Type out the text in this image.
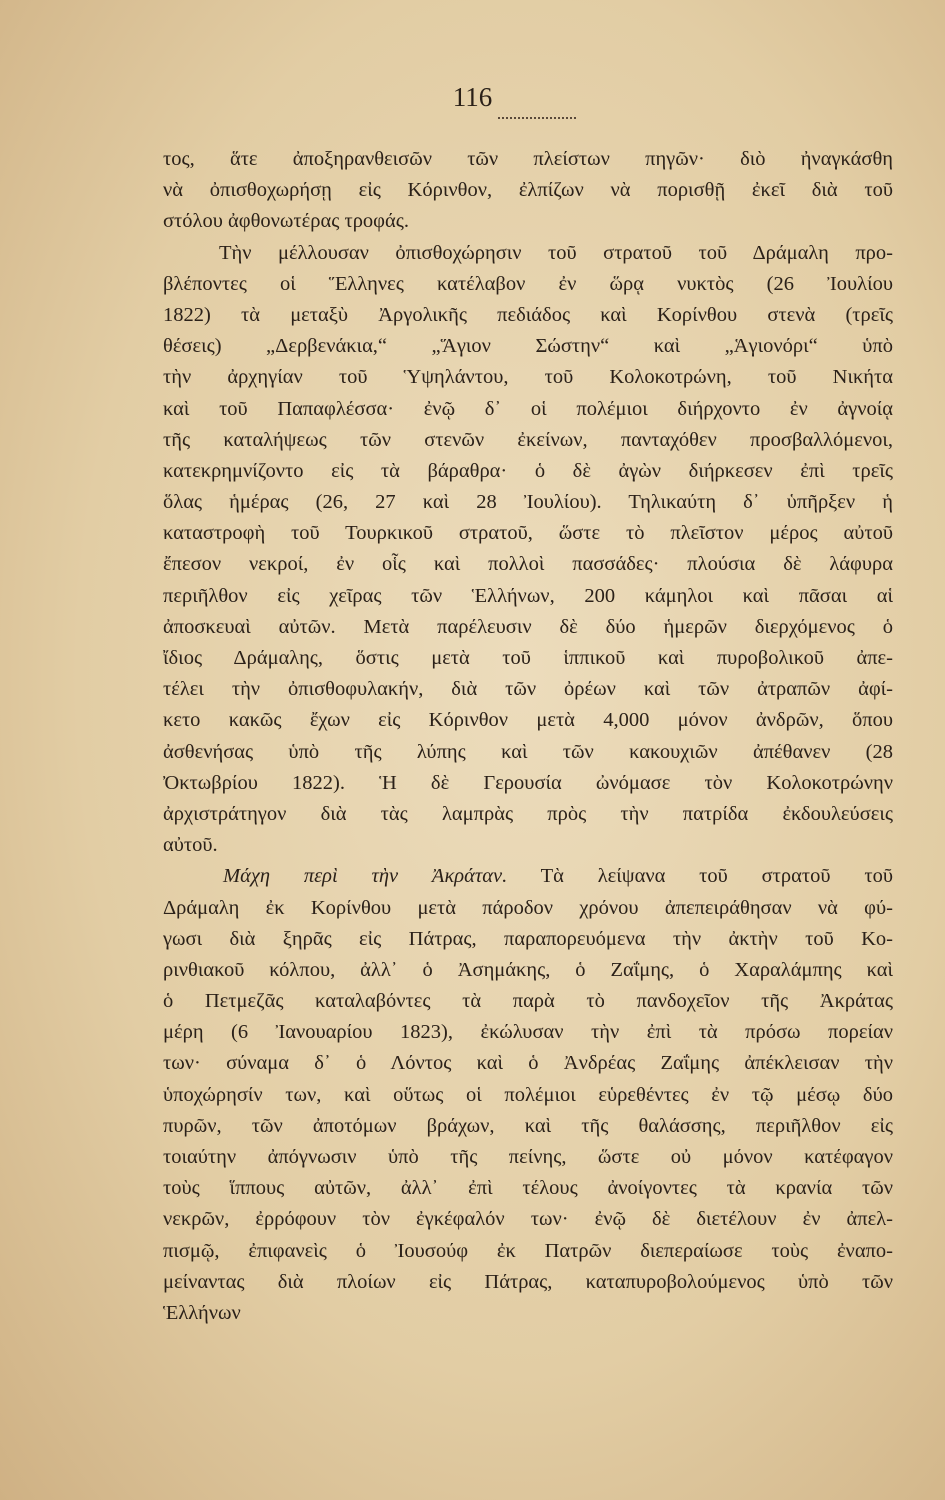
116
τος, ἅτε ἀποξηρανθεισῶν τῶν πλείστων πηγῶν· διὸ ἠναγκάσθη
νὰ ὀπισθοχωρήσῃ εἰς Κόρινθον, ἐλπίζων νὰ πορισθῇ ἐκεῖ διὰ τοῦ
στόλου ἀφθονωτέρας τροφάς.
Τὴν μέλλουσαν ὀπισθοχώρησιν τοῦ στρατοῦ τοῦ Δράμαλη προ-
βλέποντες οἱ Ἕλληνες κατέλαβον ἐν ὥρᾳ νυκτὸς (26 Ἰουλίου
1822) τὰ μεταξὺ Ἀργολικῆς πεδιάδος καὶ Κορίνθου στενὰ (τρεῖς
θέσεις) „Δερβενάκια,“ „Ἅγιον Σώστην“ καὶ „Ἁγιονόρι“ ὑπὸ
τὴν ἀρχηγίαν τοῦ Ὑψηλάντου, τοῦ Κολοκοτρώνη, τοῦ Νικήτα
καὶ τοῦ Παπαφλέσσα· ἐνῷ δ᾽ οἱ πολέμιοι διήρχοντο ἐν ἀγνοίᾳ
τῆς καταλήψεως τῶν στενῶν ἐκείνων, πανταχόθεν προσβαλλόμενοι,
κατεκρημνίζοντο εἰς τὰ βάραθρα· ὁ δὲ ἀγὼν διήρκεσεν ἐπὶ τρεῖς
ὅλας ἡμέρας (26, 27 καὶ 28 Ἰουλίου). Τηλικαύτη δ᾽ ὑπῆρξεν ἡ
καταστροφὴ τοῦ Τουρκικοῦ στρατοῦ, ὥστε τὸ πλεῖστον μέρος αὐτοῦ
ἔπεσον νεκροί, ἐν οἷς καὶ πολλοὶ πασσάδες· πλούσια δὲ λάφυρα
περιῆλθον εἰς χεῖρας τῶν Ἑλλήνων, 200 κάμηλοι καὶ πᾶσαι αἱ
ἀποσκευαὶ αὐτῶν. Μετὰ παρέλευσιν δὲ δύο ἡμερῶν διερχόμενος ὁ
ἴδιος Δράμαλης, ὅστις μετὰ τοῦ ἱππικοῦ καὶ πυροβολικοῦ ἀπε-
τέλει τὴν ὀπισθοφυλακήν, διὰ τῶν ὀρέων καὶ τῶν ἀτραπῶν ἀφί-
κετο κακῶς ἔχων εἰς Κόρινθον μετὰ 4,000 μόνον ἀνδρῶν, ὅπου
ἀσθενήσας ὑπὸ τῆς λύπης καὶ τῶν κακουχιῶν ἀπέθανεν (28
Ὀκτωβρίου 1822). Ἡ δὲ Γερουσία ὠνόμασε τὸν Κολοκοτρώνην
ἀρχιστράτηγον διὰ τὰς λαμπρὰς πρὸς τὴν πατρίδα ἐκδουλεύσεις
αὐτοῦ.
Μάχη περὶ τὴν Ἀκράταν. Τὰ λείψανα τοῦ στρατοῦ τοῦ
Δράμαλη ἐκ Κορίνθου μετὰ πάροδον χρόνου ἀπεπειράθησαν νὰ φύ-
γωσι διὰ ξηρᾶς εἰς Πάτρας, παραπορευόμενα τὴν ἀκτὴν τοῦ Κο-
ρινθιακοῦ κόλπου, ἀλλ᾽ ὁ Ἀσημάκης, ὁ Ζαΐμης, ὁ Χαραλάμπης καὶ
ὁ Πετμεζᾶς καταλαβόντες τὰ παρὰ τὸ πανδοχεῖον τῆς Ἀκράτας
μέρη (6 Ἰανουαρίου 1823), ἐκώλυσαν τὴν ἐπὶ τὰ πρόσω πορείαν
των· σύναμα δ᾽ ὁ Λόντος καὶ ὁ Ἀνδρέας Ζαΐμης ἀπέκλεισαν τὴν
ὑποχώρησίν των, καὶ οὕτως οἱ πολέμιοι εὑρεθέντες ἐν τῷ μέσῳ δύο
πυρῶν, τῶν ἀποτόμων βράχων, καὶ τῆς θαλάσσης, περιῆλθον εἰς
τοιαύτην ἀπόγνωσιν ὑπὸ τῆς πείνης, ὥστε οὐ μόνον κατέφαγον
τοὺς ἵππους αὐτῶν, ἀλλ᾽ ἐπὶ τέλους ἀνοίγοντες τὰ κρανία τῶν
νεκρῶν, ἐρρόφουν τὸν ἐγκέφαλόν των· ἐνῷ δὲ διετέλουν ἐν ἀπελ-
πισμῷ, ἐπιφανεὶς ὁ Ἰουσούφ ἐκ Πατρῶν διεπεραίωσε τοὺς ἐναπο-
μείναντας διὰ πλοίων εἰς Πάτρας, καταπυροβολούμενος ὑπὸ τῶν
Ἑλλήνων
